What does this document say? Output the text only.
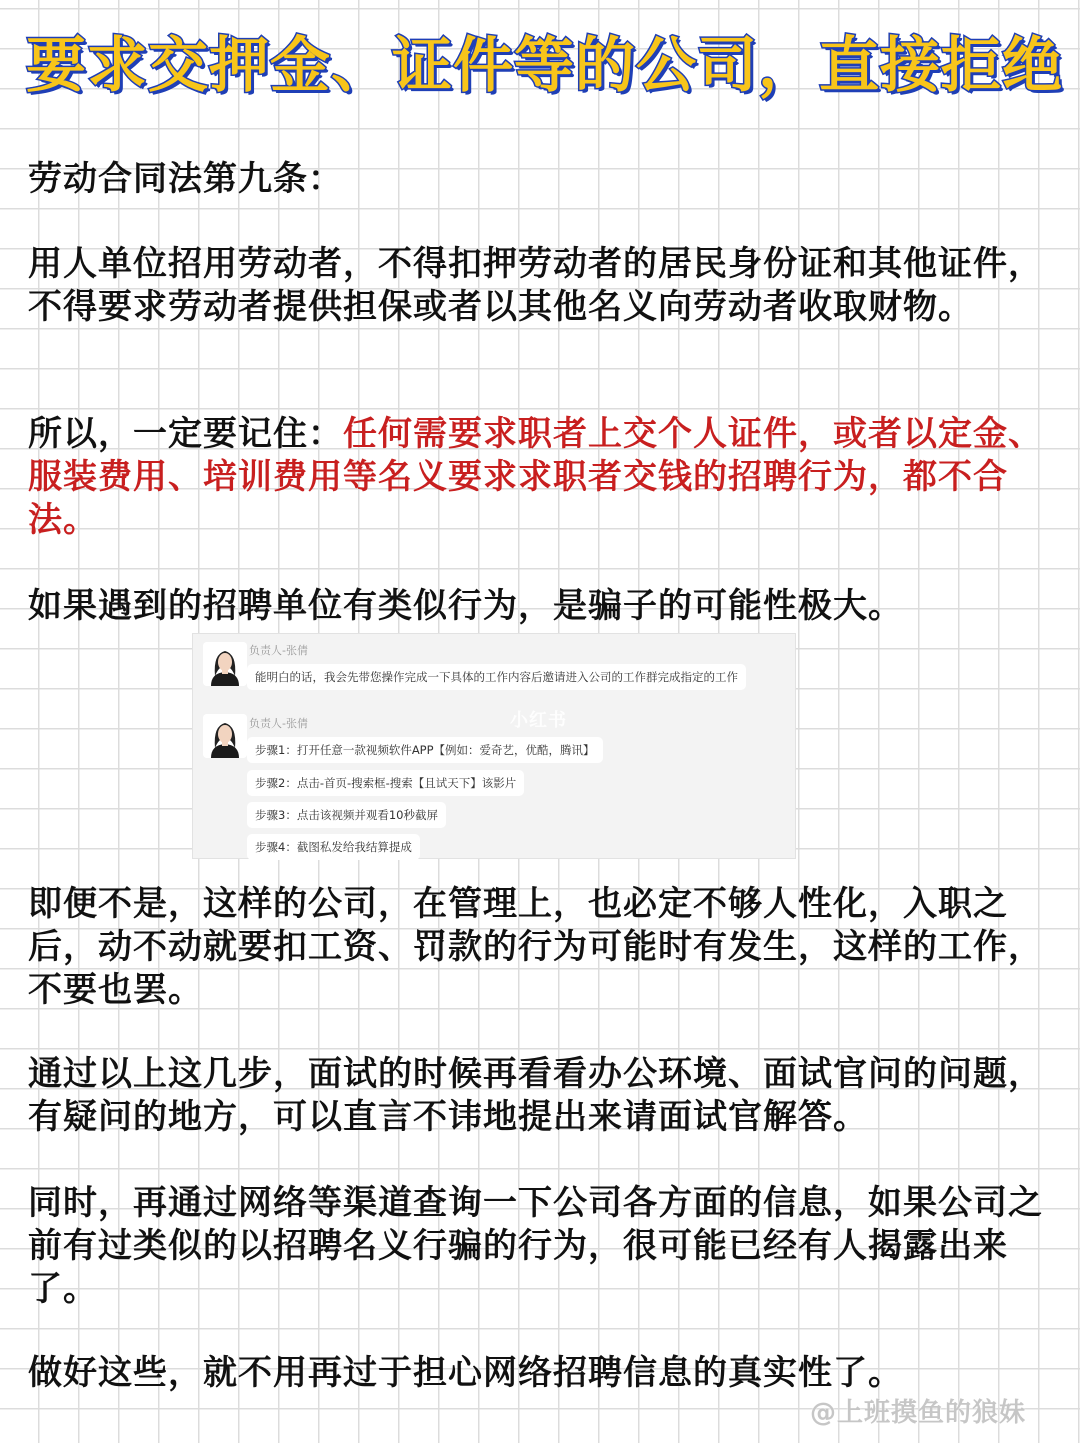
要求交押金、证件等的公司，直接拒绝

劳动合同法第九条：

用人单位招用劳动者，不得扣押劳动者的居民身份证和其他证件，不得要求劳动者提供担保或者以其他名义向劳动者收取财物。

所以，一定要记住：任何需要求职者上交个人证件，或者以定金、服装费用、培训费用等名义要求求职者交钱的招聘行为，都不合法。

如果遇到的招聘单位有类似行为，是骗子的可能性极大。

负责人-张倩
能明白的话，我会先带您操作完成一下具体的工作内容后邀请进入公司的工作群完成指定的工作
负责人-张倩
步骤1：打开任意一款视频软件APP【例如：爱奇艺，优酷，腾讯】
步骤2：点击-首页-搜索框-搜索【且试天下】该影片
步骤3：点击该视频并观看10秒截屏
步骤4：截图私发给我结算提成
小红书

即便不是，这样的公司，在管理上，也必定不够人性化，入职之后，动不动就要扣工资、罚款的行为可能时有发生，这样的工作，不要也罢。

通过以上这几步，面试的时候再看看办公环境、面试官问的问题，有疑问的地方，可以直言不讳地提出来请面试官解答。

同时，再通过网络等渠道查询一下公司各方面的信息，如果公司之前有过类似的以招聘名义行骗的行为，很可能已经有人揭露出来了。

做好这些，就不用再过于担心网络招聘信息的真实性了。

@上班摸鱼的狼妹
